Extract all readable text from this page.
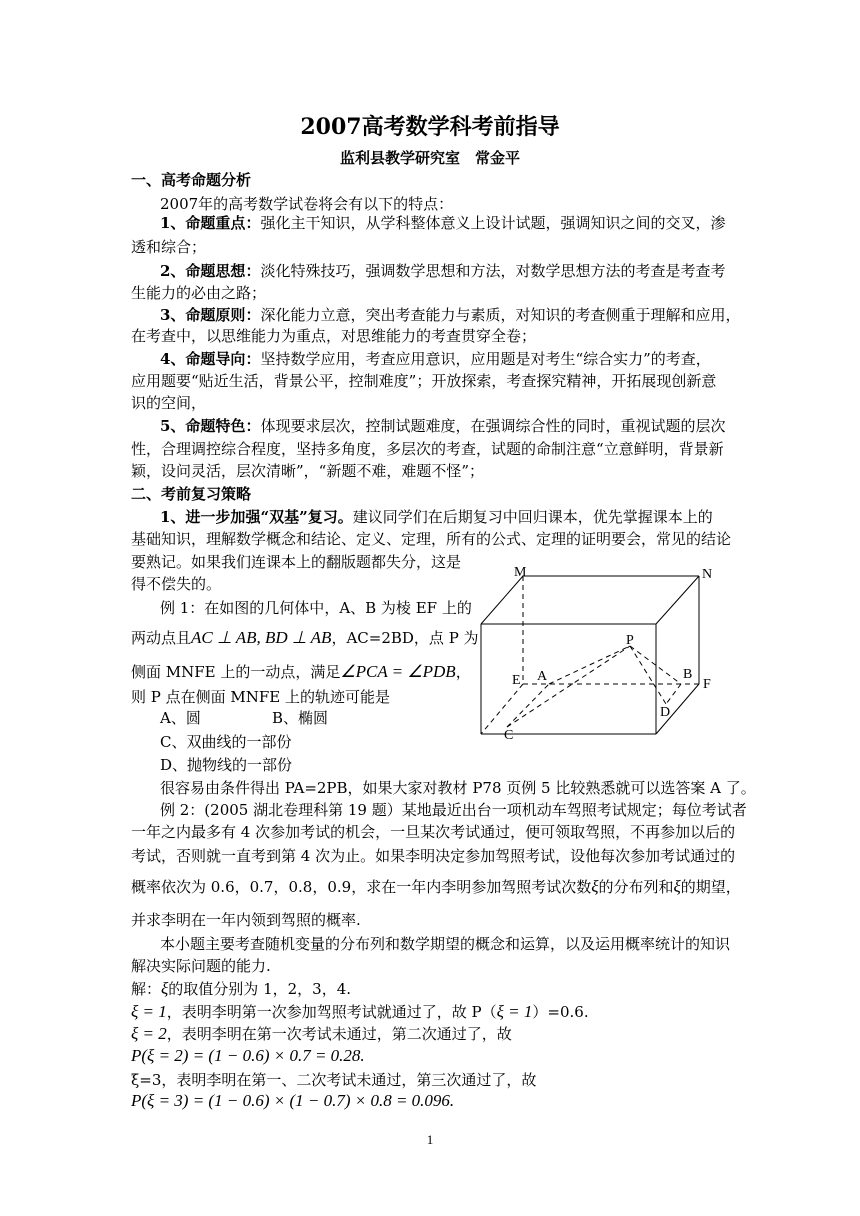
2007高考数学科考前指导
监利县教学研究室　常金平
一、高考命题分析
2007年的高考数学试卷将会有以下的特点：
1、命题重点：强化主干知识，从学科整体意义上设计试题，强调知识之间的交叉，渗
透和综合；
2、命题思想：淡化特殊技巧，强调数学思想和方法，对数学思想方法的考查是考查考
生能力的必由之路；
3、命题原则：深化能力立意，突出考查能力与素质，对知识的考查侧重于理解和应用，
在考查中，以思维能力为重点，对思维能力的考查贯穿全卷；
4、命题导向：坚持数学应用，考查应用意识，应用题是对考生“综合实力”的考查，
应用题要“贴近生活，背景公平，控制难度”；开放探索，考查探究精神，开拓展现创新意
识的空间，
5、命题特色：体现要求层次，控制试题难度，在强调综合性的同时，重视试题的层次
性，合理调控综合程度，坚持多角度，多层次的考查，试题的命制注意“立意鲜明，背景新
颖，设问灵活，层次清晰”，“新题不难，难题不怪”；
二、考前复习策略
1、进一步加强“双基”复习。建议同学们在后期复习中回归课本，优先掌握课本上的
基础知识，理解数学概念和结论、定义、定理，所有的公式、定理的证明要会，常见的结论
要熟记。如果我们连课本上的翻版题都失分，这是
得不偿失的。
例 1：在如图的几何体中，A、B 为棱 EF 上的
两动点且AC ⊥ AB, BD ⊥ AB，AC=2BD，点 P 为
侧面 MNFE 上的一动点，满足∠PCA = ∠PDB，
则 P 点在侧面 MNFE 上的轨迹可能是
A、圆	B、椭圆
C、双曲线的一部份
D、抛物线的一部份
M	N
P
E A	B
F
D
C
很容易由条件得出 PA=2PB，如果大家对教材 P78 页例 5 比较熟悉就可以选答案 A 了。
例 2：(2005 湖北卷理科第 19 题）某地最近出台一项机动车驾照考试规定；每位考试者
一年之内最多有 4 次参加考试的机会，一旦某次考试通过，便可领取驾照，不再参加以后的
考试，否则就一直考到第 4 次为止。如果李明决定参加驾照考试，设他每次参加考试通过的
概率依次为 0.6，0.7，0.8，0.9，求在一年内李明参加驾照考试次数ξ的分布列和ξ的期望，
并求李明在一年内领到驾照的概率.
本小题主要考查随机变量的分布列和数学期望的概念和运算，以及运用概率统计的知识
解决实际问题的能力.
解：ξ的取值分别为 1，2，3，4.
ξ = 1，表明李明第一次参加驾照考试就通过了，故 P（ξ = 1）=0.6.
ξ = 2，表明李明在第一次考试未通过，第二次通过了，故
P(ξ = 2) = (1 − 0.6) × 0.7 = 0.28.
ξ=3，表明李明在第一、二次考试未通过，第三次通过了，故
P(ξ = 3) = (1 − 0.6) × (1 − 0.7) × 0.8 = 0.096.
1
